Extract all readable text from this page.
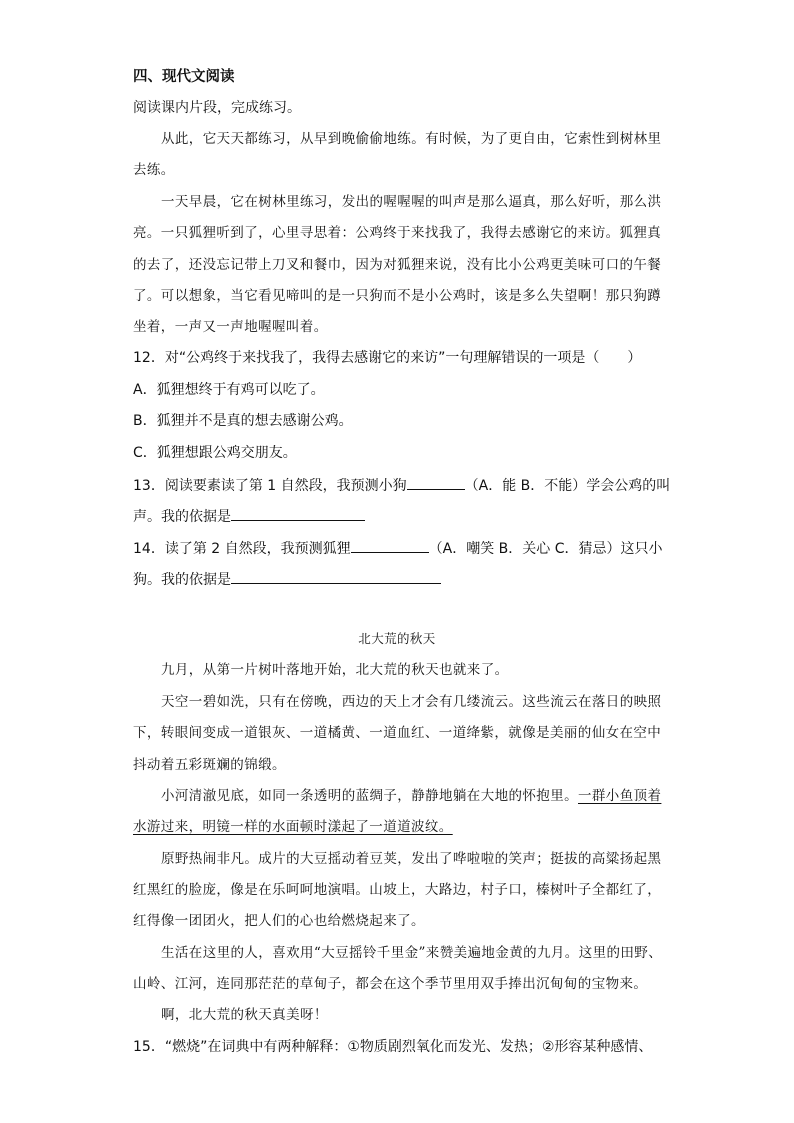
四、现代文阅读
阅读课内片段，完成练习。
从此，它天天都练习，从早到晚偷偷地练。有时候，为了更自由，它索性到树林里
去练。
一天早晨，它在树林里练习，发出的喔喔喔的叫声是那么逼真，那么好听，那么洪
亮。一只狐狸听到了，心里寻思着：公鸡终于来找我了，我得去感谢它的来访。狐狸真
的去了，还没忘记带上刀叉和餐巾，因为对狐狸来说，没有比小公鸡更美味可口的午餐
了。可以想象，当它看见啼叫的是一只狗而不是小公鸡时，该是多么失望啊！那只狗蹲
坐着，一声又一声地喔喔叫着。
12．对“公鸡终于来找我了，我得去感谢它的来访”一句理解错误的一项是（　　）
A．狐狸想终于有鸡可以吃了。
B．狐狸并不是真的想去感谢公鸡。
C．狐狸想跟公鸡交朋友。
13．阅读要素读了第 1 自然段，我预测小狗	（A．能 B．不能）学会公鸡的叫
声。我的依据是
14．读了第 2 自然段，我预测狐狸	（A．嘲笑 B．关心 C．猜忌）这只小
狗。我的依据是
北大荒的秋天
九月，从第一片树叶落地开始，北大荒的秋天也就来了。
天空一碧如洗，只有在傍晚，西边的天上才会有几缕流云。这些流云在落日的映照
下，转眼间变成一道银灰、一道橘黄、一道血红、一道绛紫，就像是美丽的仙女在空中
抖动着五彩斑斓的锦缎。
小河清澈见底，如同一条透明的蓝绸子，静静地躺在大地的怀抱里。一群小鱼顶着
水游过来，明镜一样的水面顿时漾起了一道道波纹。
原野热闹非凡。成片的大豆摇动着豆荚，发出了哗啦啦的笑声；挺拔的高粱扬起黑
红黑红的脸庞，像是在乐呵呵地演唱。山坡上，大路边，村子口，榛树叶子全都红了，
红得像一团团火，把人们的心也给燃烧起来了。
生活在这里的人，喜欢用“大豆摇铃千里金”来赞美遍地金黄的九月。这里的田野、
山岭、江河，连同那茫茫的草甸子，都会在这个季节里用双手捧出沉甸甸的宝物来。
啊，北大荒的秋天真美呀！
15．“燃烧”在词典中有两种解释：①物质剧烈氧化而发光、发热；②形容某种感情、
